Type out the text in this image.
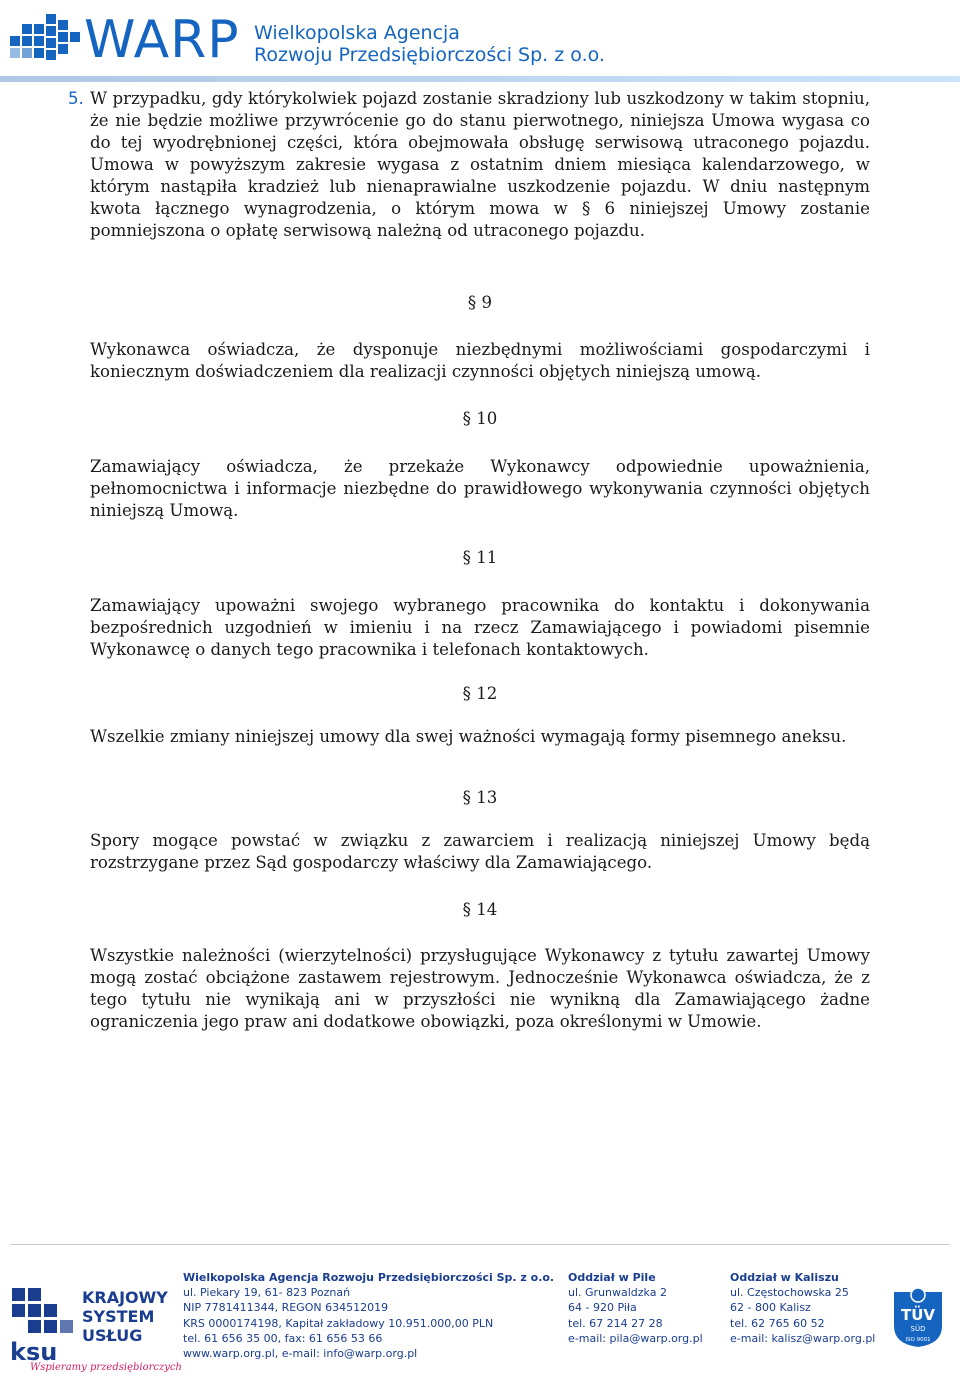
WARP Wielkopolska Agencja
Rozwoju Przedsiębiorczości Sp. z o.o.
5. W przypadku, gdy którykolwiek pojazd zostanie skradziony lub uszkodzony w takim stopniu, że nie będzie możliwe przywrócenie go do stanu pierwotnego, niniejsza Umowa wygasa co do tej wyodrębnionej części, która obejmowała obsługę serwisową utraconego pojazdu. Umowa w powyższym zakresie wygasa z ostatnim dniem miesiąca kalendarzowego, w którym nastąpiła kradzież lub nienaprawialne uszkodzenie pojazdu. W dniu następnym kwota łącznego wynagrodzenia, o którym mowa w § 6 niniejszej Umowy zostanie pomniejszona o opłatę serwisową należną od utraconego pojazdu.
§ 9
Wykonawca oświadcza, że dysponuje niezbędnymi możliwościami gospodarczymi i koniecznym doświadczeniem dla realizacji czynności objętych niniejszą umową.
§ 10
Zamawiający oświadcza, że przekaże Wykonawcy odpowiednie upoważnienia, pełnomocnictwa i informacje niezbędne do prawidłowego wykonywania czynności objętych niniejszą Umową.
§ 11
Zamawiający upoważni swojego wybranego pracownika do kontaktu i dokonywania bezpośrednich uzgodnień w imieniu i na rzecz Zamawiającego i powiadomi pisemnie Wykonawcę o danych tego pracownika i telefonach kontaktowych.
§ 12
Wszelkie zmiany niniejszej umowy dla swej ważności wymagają formy pisemnego aneksu.
§ 13
Spory mogące powstać w związku z zawarciem i realizacją niniejszej Umowy będą rozstrzygane przez Sąd gospodarczy właściwy dla Zamawiającego.
§ 14
Wszystkie należności (wierzytelności) przysługujące Wykonawcy z tytułu zawartej Umowy mogą zostać obciążone zastawem rejestrowym. Jednocześnie Wykonawca oświadcza, że z tego tytułu nie wynikają ani w przyszłości nie wynikną dla Zamawiającego żadne ograniczenia jego praw ani dodatkowe obowiązki, poza określonymi w Umowie.
ksu
KRAJOWY
SYSTEM
USŁUG
Wspieramy przedsiębiorczych
Wielkopolska Agencja Rozwoju Przedsiębiorczości Sp. z o.o.
ul. Piekary 19, 61- 823 Poznań
NIP 7781411344, REGON 634512019
KRS 0000174198, Kapitał zakładowy 10.951.000,00 PLN
tel. 61 656 35 00, fax: 61 656 53 66
www.warp.org.pl, e-mail: info@warp.org.pl
Oddział w Pile
ul. Grunwaldzka 2
64 - 920 Piła
tel. 67 214 27 28
e-mail: pila@warp.org.pl
Oddział w Kaliszu
ul. Częstochowska 25
62 - 800 Kalisz
tel. 62 765 60 52
e-mail: kalisz@warp.org.pl
TÜV
SÜD
ISO 9001
